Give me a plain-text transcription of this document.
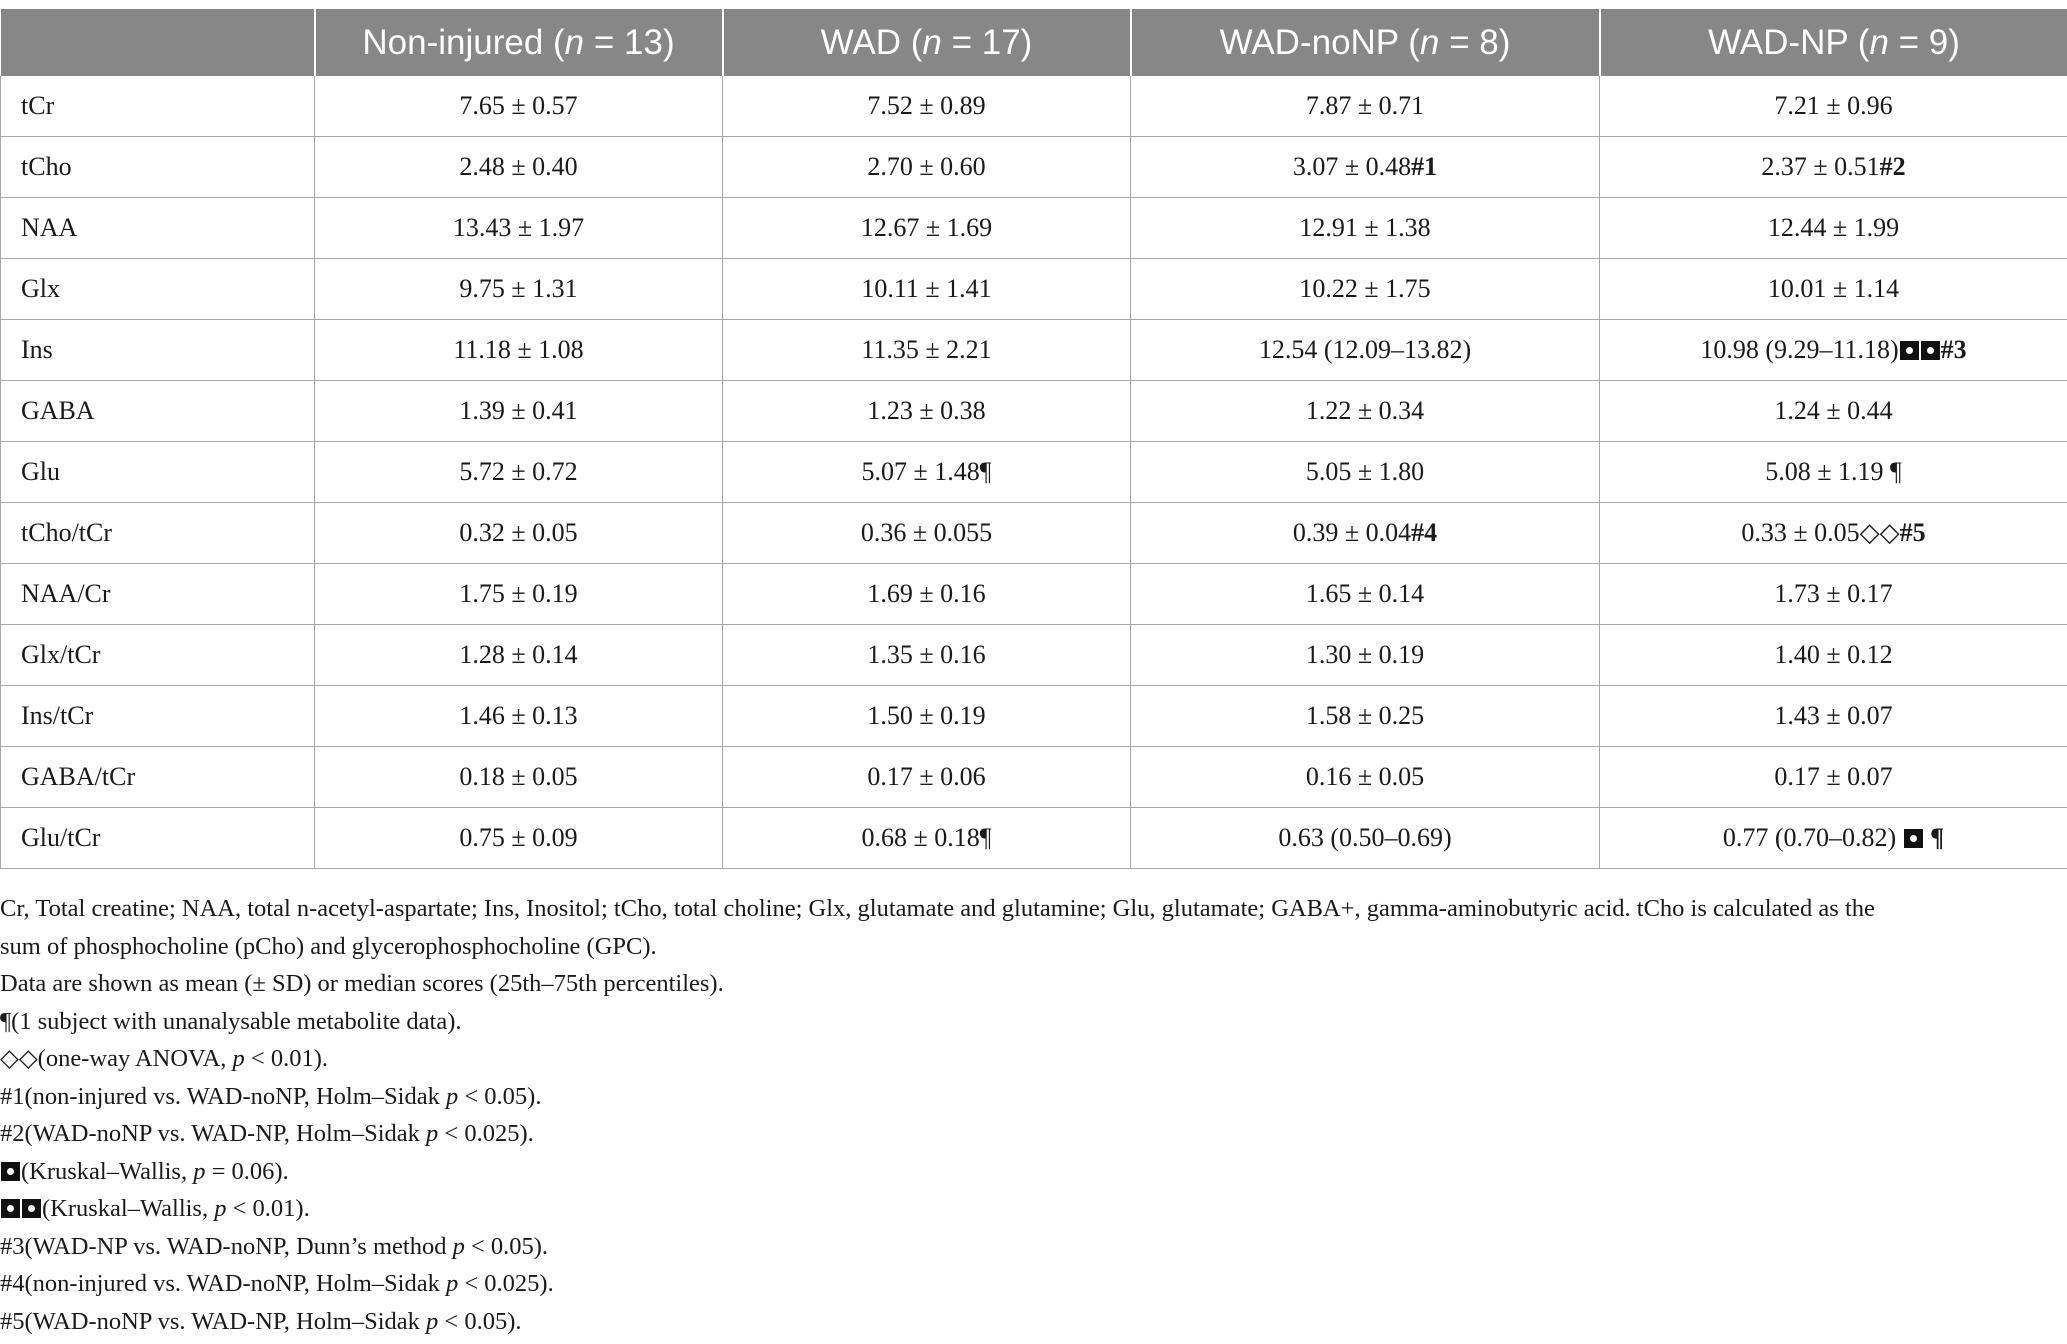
	Non-injured (n = 13)	WAD (n = 17)	WAD-noNP (n = 8)	WAD-NP (n = 9)
tCr	7.65 ± 0.57	7.52 ± 0.89	7.87 ± 0.71	7.21 ± 0.96
tCho	2.48 ± 0.40	2.70 ± 0.60	3.07 ± 0.48#1	2.37 ± 0.51#2
NAA	13.43 ± 1.97	12.67 ± 1.69	12.91 ± 1.38	12.44 ± 1.99
Glx	9.75 ± 1.31	10.11 ± 1.41	10.22 ± 1.75	10.01 ± 1.14
Ins	11.18 ± 1.08	11.35 ± 2.21	12.54 (12.09–13.82)	10.98 (9.29–11.18) #3
GABA	1.39 ± 0.41	1.23 ± 0.38	1.22 ± 0.34	1.24 ± 0.44
Glu	5.72 ± 0.72	5.07 ± 1.48¶	5.05 ± 1.80	5.08 ± 1.19 ¶
tCho/tCr	0.32 ± 0.05	0.36 ± 0.055	0.39 ± 0.04#4	0.33 ± 0.05◇◇#5
NAA/Cr	1.75 ± 0.19	1.69 ± 0.16	1.65 ± 0.14	1.73 ± 0.17
Glx/tCr	1.28 ± 0.14	1.35 ± 0.16	1.30 ± 0.19	1.40 ± 0.12
Ins/tCr	1.46 ± 0.13	1.50 ± 0.19	1.58 ± 0.25	1.43 ± 0.07
GABA/tCr	0.18 ± 0.05	0.17 ± 0.06	0.16 ± 0.05	0.17 ± 0.07
Glu/tCr	0.75 ± 0.09	0.68 ± 0.18¶	0.63 (0.50–0.69)	0.77 (0.70–0.82)  ¶

Cr, Total creatine; NAA, total n-acetyl-aspartate; Ins, Inositol; tCho, total choline; Glx, glutamate and glutamine; Glu, glutamate; GABA+, gamma-aminobutyric acid. tCho is calculated as the

sum of phosphocholine (pCho) and glycerophosphocholine (GPC).

Data are shown as mean (± SD) or median scores (25th–75th percentiles).

¶(1 subject with unanalysable metabolite data).

◇◇(one-way ANOVA, p < 0.01).

#1(non-injured vs. WAD-noNP, Holm–Sidak p < 0.05).

#2(WAD-noNP vs. WAD-NP, Holm–Sidak p < 0.025).

(Kruskal–Wallis, p = 0.06).

(Kruskal–Wallis, p < 0.01).

#3(WAD-NP vs. WAD-noNP, Dunn’s method p < 0.05).

#4(non-injured vs. WAD-noNP, Holm–Sidak p < 0.025).

#5(WAD-noNP vs. WAD-NP, Holm–Sidak p < 0.05).
